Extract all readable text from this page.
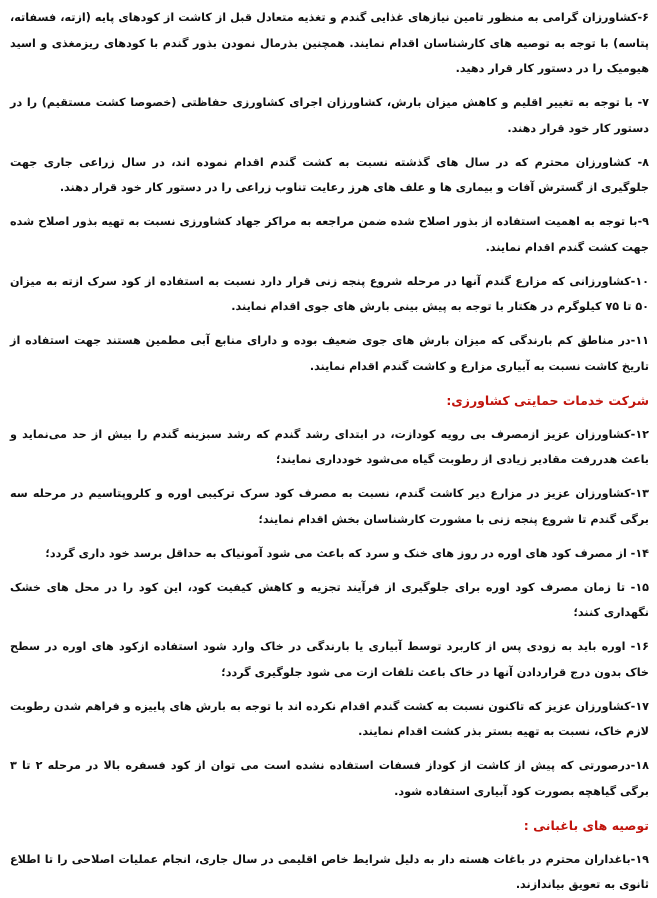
۶-کشاورزان گرامی به منظور تامین نیازهای غذایی گندم و تغذیه متعادل قبل از کاشت از کودهای پایه (ازته، فسفاته، پتاسه) با توجه به توصیه های کارشناسان اقدام نمایند. همچنین بذرمال نمودن بذور گندم با کودهای ریزمغذی و اسید هیومیک را در دستور کار قرار دهید.

۷- با توجه به تغییر اقلیم و کاهش میزان بارش، کشاورزان اجرای کشاورزی حفاظتی (خصوصا کشت مستقیم) را در دستور کار خود قرار دهند.

۸- کشاورزان محترم که در سال های گذشته نسبت به کشت گندم اقدام نموده اند، در سال زراعی جاری جهت جلوگیری از گسترش آفات و بیماری ها و علف های هرز رعایت تناوب زراعی را در دستور کار خود قرار دهند.

۹-با توجه به اهمیت استفاده از بذور اصلاح شده ضمن مراجعه به مراکز جهاد کشاورزی نسبت به تهیه بذور اصلاح شده جهت کشت گندم اقدام نمایند.

۱۰-کشاورزانی که مزارع گندم آنها در مرحله شروع پنجه زنی قرار دارد نسبت به استفاده از کود سرک ازته به میزان ۵۰ تا ۷۵ کیلوگرم در هکتار با توجه به پیش بینی بارش های جوی اقدام نمایند.

۱۱-در مناطق کم بارندگی که میزان بارش های جوی ضعیف بوده و دارای منابع آبی مطمین هستند جهت استفاده از تاریخ کاشت نسبت به آبیاری مزارع و کاشت گندم اقدام نمایند.

شرکت خدمات حمایتی کشاورزی:

۱۲-کشاورزان عزیز ازمصرف بی رویه کودازت، در ابتدای رشد گندم که رشد سبزینه گندم را بیش از حد می‌نماید و باعث هدررفت مقادیر زیادی از رطوبت گیاه می‌شود خودداری نمایند؛

۱۳-کشاورزان عزیز در مزارع دیر کاشت گندم، نسبت به مصرف کود سرک ترکیبی اوره و کلروپتاسیم در مرحله سه برگی گندم تا شروع پنجه زنی با مشورت کارشناسان بخش اقدام نمایند؛

۱۴- از مصرف کود های اوره در روز های خنک و سرد که باعث می شود آمونیاک به حداقل برسد خود داری گردد؛

۱۵- تا زمان مصرف کود اوره برای جلوگیری از فرآیند تجزیه و کاهش کیفیت کود، این کود را در محل های خشک نگهداری کنند؛

۱۶- اوره باید به زودی پس از کاربرد توسط آبیاری یا بارندگی در خاک وارد شود استفاده ازکود های اوره در سطح خاک بدون درج قراردادن آنها در خاک باعث تلفات ازت می شود جلوگیری گردد؛

۱۷-کشاورزان عزیز که تاکنون نسبت به کشت گندم اقدام نکرده اند با توجه به بارش های پاییزه و فراهم شدن رطوبت لازم خاک، نسبت به تهیه بستر بذر کشت اقدام نمایند.

۱۸-درصورتی که پیش از کاشت از کوداز فسفات استفاده نشده است می توان از کود فسفره بالا در مرحله ۲ تا ۳ برگی گیاهچه بصورت کود آبیاری استفاده شود.

توصیه های باغبانی :

۱۹-باغداران محترم در باغات هسته دار به دلیل شرایط خاص اقلیمی در سال جاری، انجام عملیات اصلاحی را تا اطلاع ثانوی به تعویق بیاندازند.
